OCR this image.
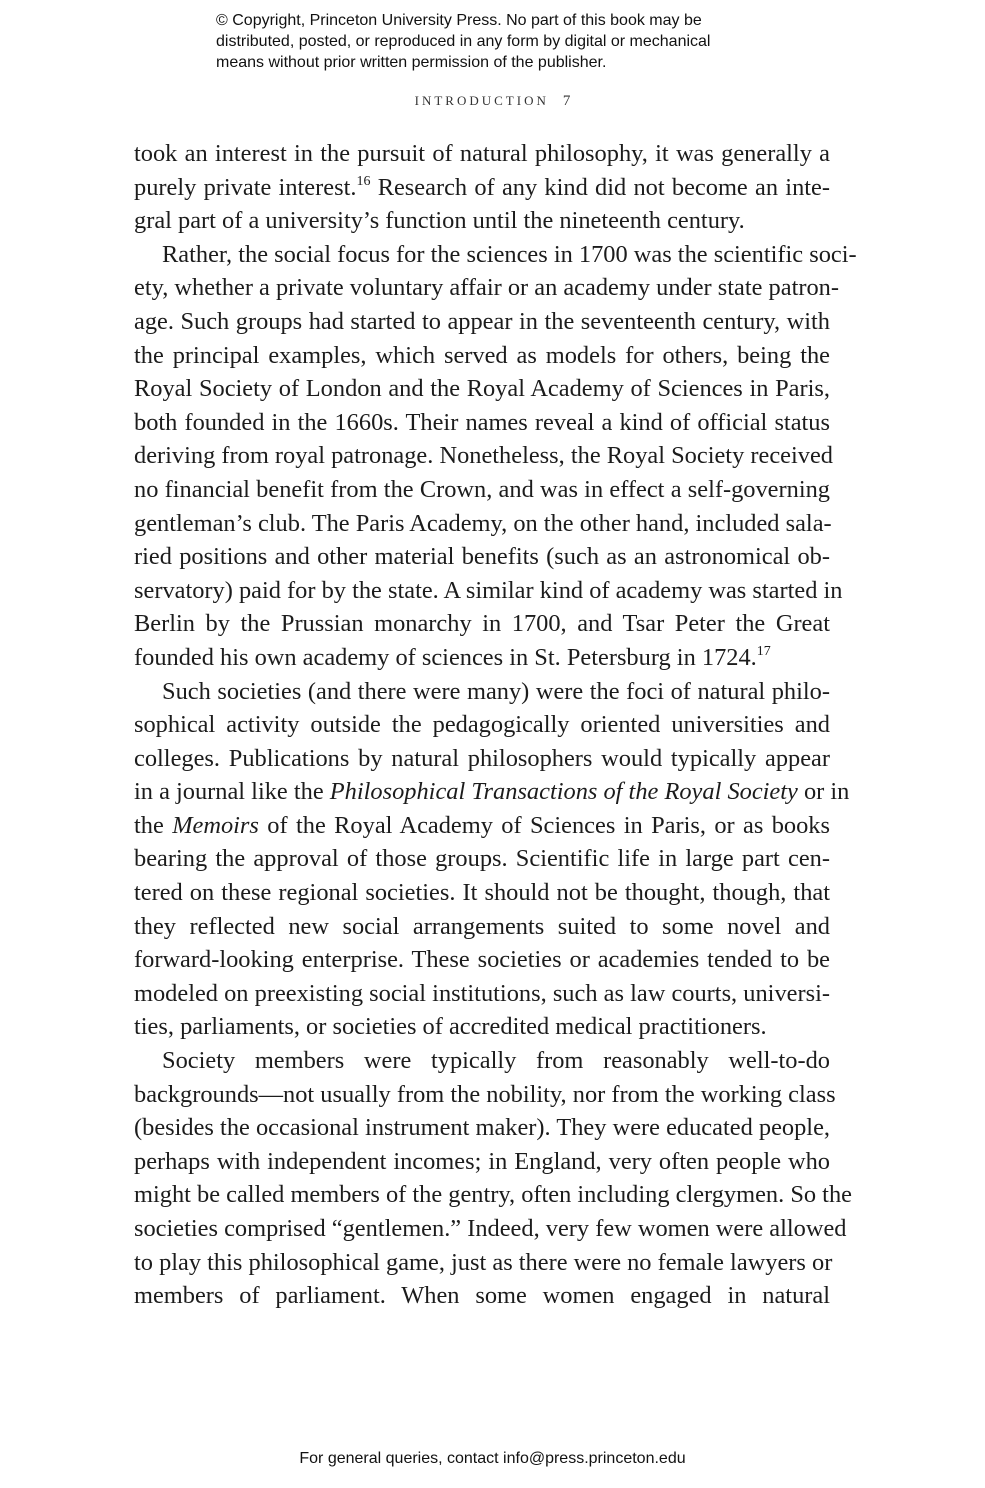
© Copyright, Princeton University Press. No part of this book may be
distributed, posted, or reproduced in any form by digital or mechanical
means without prior written permission of the publisher.
INTRODUCTION 7
took an interest in the pursuit of natural philosophy, it was generally a
purely private interest.$^{16}$ Research of any kind did not become an inte-
gral part of a university’s function until the nineteenth century.
Rather, the social focus for the sciences in 1700 was the scientific soci-
ety, whether a private voluntary affair or an academy under state patron-
age. Such groups had started to appear in the seventeenth century, with
the principal examples, which served as models for others, being the
Royal Society of London and the Royal Academy of Sciences in Paris,
both founded in the 1660s. Their names reveal a kind of official status
deriving from royal patronage. Nonetheless, the Royal Society received
no financial benefit from the Crown, and was in effect a self-governing
gentleman’s club. The Paris Academy, on the other hand, included sala-
ried positions and other material benefits (such as an astronomical ob-
servatory) paid for by the state. A similar kind of academy was started in
Berlin by the Prussian monarchy in 1700, and Tsar Peter the Great
founded his own academy of sciences in St. Petersburg in 1724.17
Such societies (and there were many) were the foci of natural philo-
sophical activity outside the pedagogically oriented universities and
colleges. Publications by natural philosophers would typically appear
in a journal like the Philosophical Transactions of the Royal Society or in
the Memoirs of the Royal Academy of Sciences in Paris, or as books
bearing the approval of those groups. Scientific life in large part cen-
tered on these regional societies. It should not be thought, though, that
they reflected new social arrangements suited to some novel and
forward-looking enterprise. These societies or academies tended to be
modeled on preexisting social institutions, such as law courts, universi-
ties, parliaments, or societies of accredited medical practitioners.
Society members were typically from reasonably well-to-do
backgrounds—not usually from the nobility, nor from the working class
(besides the occasional instrument maker). They were educated people,
perhaps with independent incomes; in England, very often people who
might be called members of the gentry, often including clergymen. So the
societies comprised “gentlemen.” Indeed, very few women were allowed
to play this philosophical game, just as there were no female lawyers or
members of parliament. When some women engaged in natural
For general queries, contact info@press.princeton.edu
